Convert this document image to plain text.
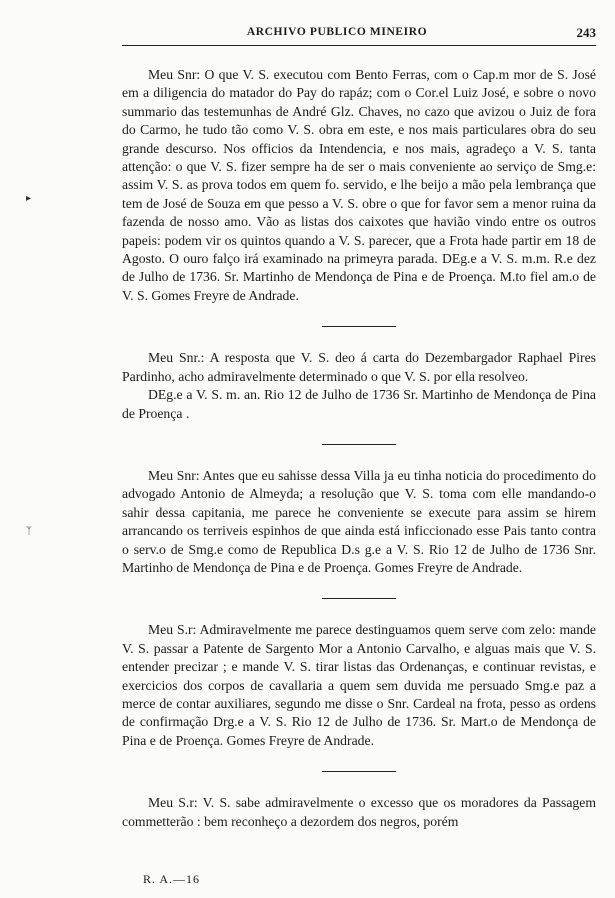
ARCHIVO PUBLICO MINEIRO	243
▸
ᛉ

Meu Snr: O que V. S. executou com Bento Ferras, com o Cap.m mor de S. José em a diligencia do matador do Pay do rapáz; com o Cor.el Luiz José, e sobre o novo summario das testemunhas de André Glz. Chaves, no cazo que avizou o Juiz de fora do Carmo, he tudo tão como V. S. obra em este, e nos mais particulares obra do seu grande descurso. Nos officios da Intendencia, e nos mais, agradeço a V. S. tanta attenção: o que V. S. fizer sempre ha de ser o mais conveniente ao serviço de Smg.e: assim V. S. as prova todos em quem fo. servido, e lhe beijo a mão pela lembrança que tem de José de Souza em que pesso a V. S. obre o que for favor sem a menor ruina da fazenda de nosso amo. Vão as listas dos caixotes que havião vindo entre os outros papeis: podem vir os quintos quando a V. S. parecer, que a Frota hade partir em 18 de Agosto. O ouro falço irá examinado na primeyra parada. DEg.e a V. S. m.m. R.e dez de Julho de 1736. Sr. Martinho de Mendonça de Pina e de Proença. M.to fiel am.o de V. S. Gomes Freyre de Andrade.

Meu Snr.: A resposta que V. S. deo á carta do Dezembargador Raphael Pires Pardinho, acho admiravelmente determinado o que V. S. por ella resolveo.

DEg.e a V. S. m. an. Rio 12 de Julho de 1736 Sr. Martinho de Mendonça de Pina de Proença .

Meu Snr: Antes que eu sahisse dessa Villa ja eu tinha noticia do procedimento do advogado Antonio de Almeyda; a resolução que V. S. toma com elle mandando-o sahir dessa capitania, me parece he conveniente se execute para assim se hirem arrancando os terriveis espinhos de que ainda está inficcionado esse Pais tanto contra o serv.o de Smg.e como de Republica D.s g.e a V. S. Rio 12 de Julho de 1736 Snr. Martinho de Mendonça de Pina e de Proença. Gomes Freyre de Andrade.

Meu S.r: Admiravelmente me parece destinguamos quem serve com zelo: mande V. S. passar a Patente de Sargento Mor a Antonio Carvalho, e alguas mais que V. S. entender precizar ; e mande V. S. tirar listas das Ordenanças, e continuar revistas, e exercicios dos corpos de cavallaria a quem sem duvida me persuado Smg.e paz a merce de contar auxiliares, segundo me disse o Snr. Cardeal na frota, pesso as ordens de confirmação Drg.e a V. S. Rio 12 de Julho de 1736. Sr. Mart.o de Mendonça de Pina e de Proença. Gomes Freyre de Andrade.

Meu S.r: V. S. sabe admiravelmente o excesso que os moradores da Passagem commetterão : bem reconheço a dezordem dos negros, porém

R. A.—16
